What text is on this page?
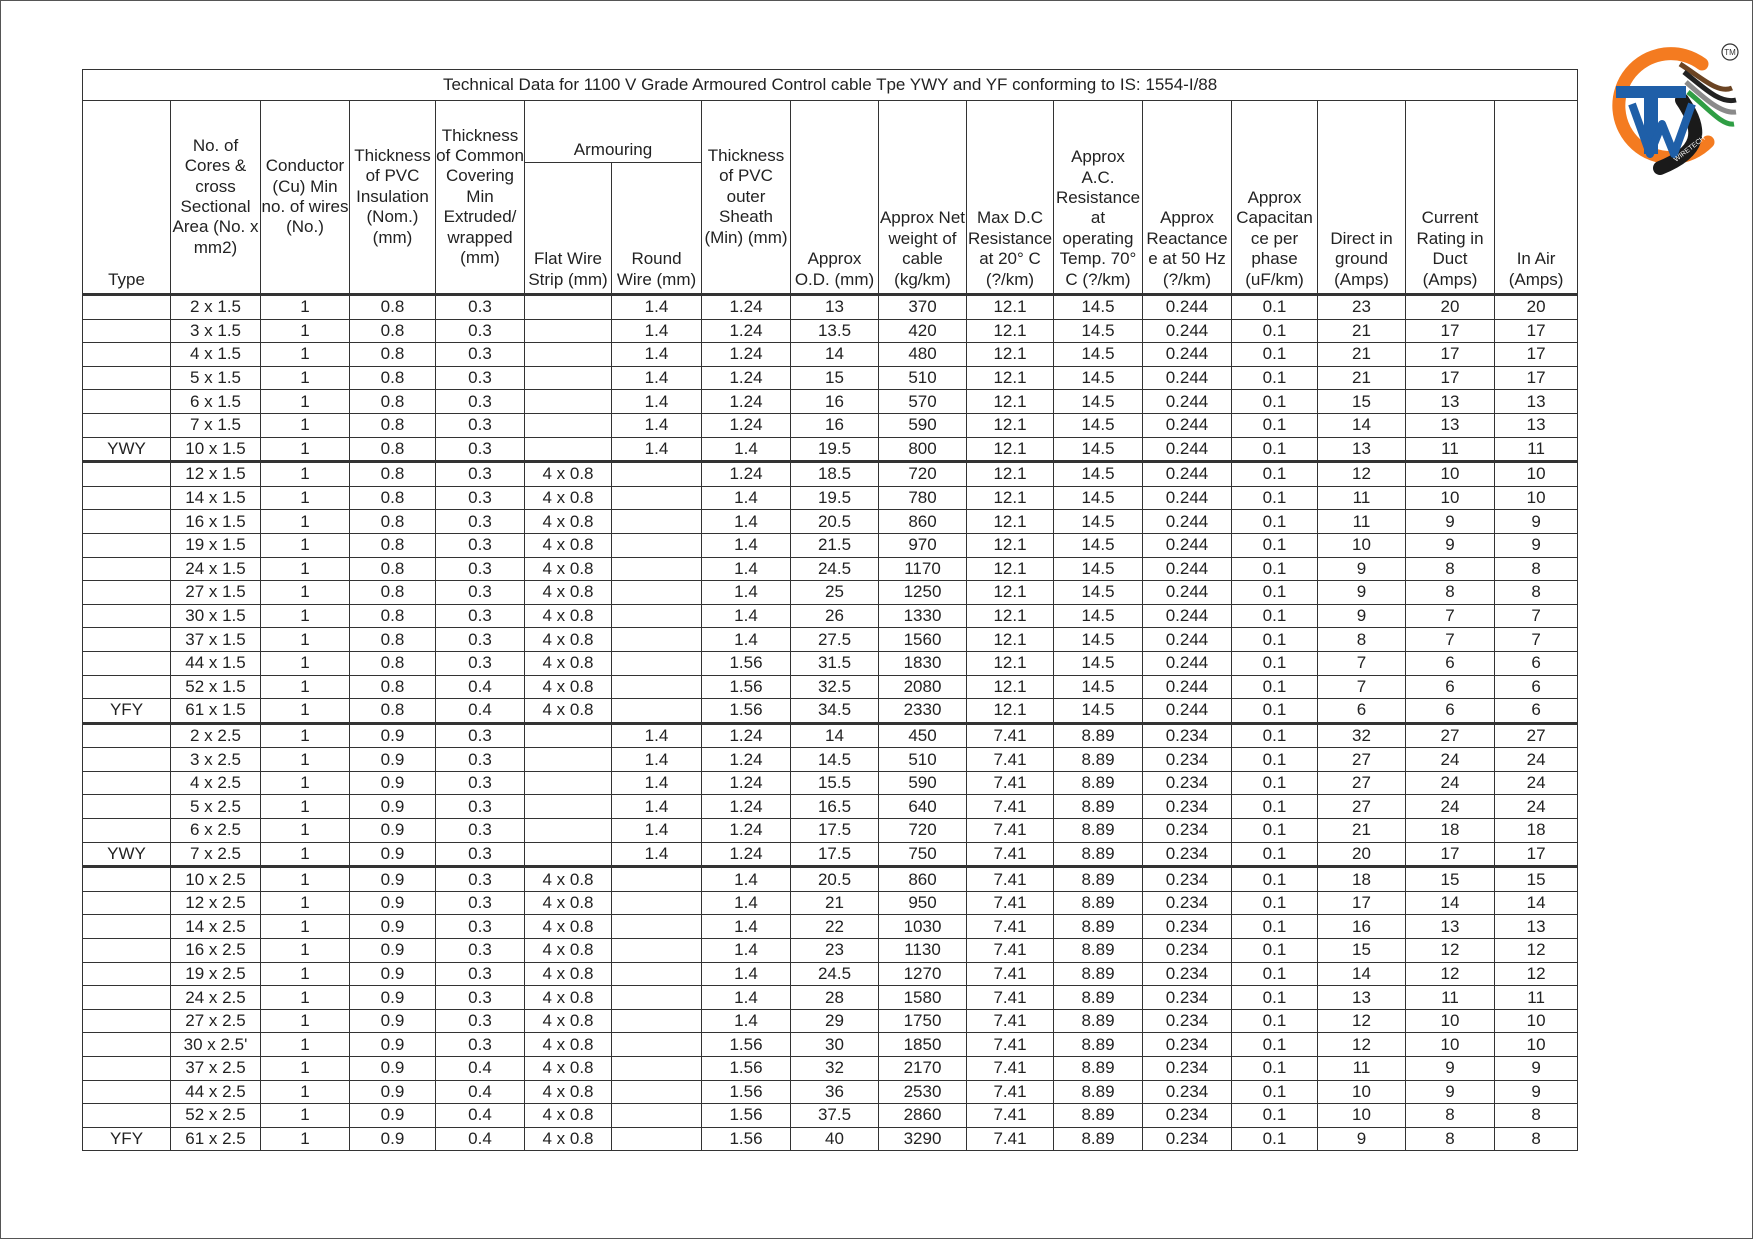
TM
WIRETECH
Technical Data for 1100 V Grade Armoured Control cable Tpe YWY and YF conforming to IS: 1554-I/88																
Type	No. of Cores & cross Sectional Area (No. x mm2)	Conductor (Cu) Min no. of wires (No.)	Thickness of PVC Insulation (Nom.) (mm)	Thickness of Common Covering Min Extruded/ wrapped (mm)	Armouring		Thickness of PVC outer Sheath (Min) (mm)	Approx O.D. (mm)	Approx Net weight of cable (kg/km)	Max D.C Resistance at 20° C (?/km)	Approx A.C. Resistance at operating Temp. 70° C (?/km)	Approx Reactance e at 50 Hz (?/km)	Approx Capacitan ce per phase (uF/km)	Direct in ground (Amps)	Current Rating in Duct (Amps)	In Air (Amps)
					Flat Wire Strip (mm)	Round Wire (mm)										
	2 x 1.5	1	0.8	0.3		1.4	1.24	13	370	12.1	14.5	0.244	0.1	23	20	20
	3 x 1.5	1	0.8	0.3		1.4	1.24	13.5	420	12.1	14.5	0.244	0.1	21	17	17
	4 x 1.5	1	0.8	0.3		1.4	1.24	14	480	12.1	14.5	0.244	0.1	21	17	17
	5 x 1.5	1	0.8	0.3		1.4	1.24	15	510	12.1	14.5	0.244	0.1	21	17	17
	6 x 1.5	1	0.8	0.3		1.4	1.24	16	570	12.1	14.5	0.244	0.1	15	13	13
	7 x 1.5	1	0.8	0.3		1.4	1.24	16	590	12.1	14.5	0.244	0.1	14	13	13
YWY	10 x 1.5	1	0.8	0.3		1.4	1.4	19.5	800	12.1	14.5	0.244	0.1	13	11	11
	12 x 1.5	1	0.8	0.3	4 x 0.8		1.24	18.5	720	12.1	14.5	0.244	0.1	12	10	10
	14 x 1.5	1	0.8	0.3	4 x 0.8		1.4	19.5	780	12.1	14.5	0.244	0.1	11	10	10
	16 x 1.5	1	0.8	0.3	4 x 0.8		1.4	20.5	860	12.1	14.5	0.244	0.1	11	9	9
	19 x 1.5	1	0.8	0.3	4 x 0.8		1.4	21.5	970	12.1	14.5	0.244	0.1	10	9	9
	24 x 1.5	1	0.8	0.3	4 x 0.8		1.4	24.5	1170	12.1	14.5	0.244	0.1	9	8	8
	27 x 1.5	1	0.8	0.3	4 x 0.8		1.4	25	1250	12.1	14.5	0.244	0.1	9	8	8
	30 x 1.5	1	0.8	0.3	4 x 0.8		1.4	26	1330	12.1	14.5	0.244	0.1	9	7	7
	37 x 1.5	1	0.8	0.3	4 x 0.8		1.4	27.5	1560	12.1	14.5	0.244	0.1	8	7	7
	44 x 1.5	1	0.8	0.3	4 x 0.8		1.56	31.5	1830	12.1	14.5	0.244	0.1	7	6	6
	52 x 1.5	1	0.8	0.4	4 x 0.8		1.56	32.5	2080	12.1	14.5	0.244	0.1	7	6	6
YFY	61 x 1.5	1	0.8	0.4	4 x 0.8		1.56	34.5	2330	12.1	14.5	0.244	0.1	6	6	6
	2 x 2.5	1	0.9	0.3		1.4	1.24	14	450	7.41	8.89	0.234	0.1	32	27	27
	3 x 2.5	1	0.9	0.3		1.4	1.24	14.5	510	7.41	8.89	0.234	0.1	27	24	24
	4 x 2.5	1	0.9	0.3		1.4	1.24	15.5	590	7.41	8.89	0.234	0.1	27	24	24
	5 x 2.5	1	0.9	0.3		1.4	1.24	16.5	640	7.41	8.89	0.234	0.1	27	24	24
	6 x 2.5	1	0.9	0.3		1.4	1.24	17.5	720	7.41	8.89	0.234	0.1	21	18	18
YWY	7 x 2.5	1	0.9	0.3		1.4	1.24	17.5	750	7.41	8.89	0.234	0.1	20	17	17
	10 x 2.5	1	0.9	0.3	4 x 0.8		1.4	20.5	860	7.41	8.89	0.234	0.1	18	15	15
	12 x 2.5	1	0.9	0.3	4 x 0.8		1.4	21	950	7.41	8.89	0.234	0.1	17	14	14
	14 x 2.5	1	0.9	0.3	4 x 0.8		1.4	22	1030	7.41	8.89	0.234	0.1	16	13	13
	16 x 2.5	1	0.9	0.3	4 x 0.8		1.4	23	1130	7.41	8.89	0.234	0.1	15	12	12
	19 x 2.5	1	0.9	0.3	4 x 0.8		1.4	24.5	1270	7.41	8.89	0.234	0.1	14	12	12
	24 x 2.5	1	0.9	0.3	4 x 0.8		1.4	28	1580	7.41	8.89	0.234	0.1	13	11	11
	27 x 2.5	1	0.9	0.3	4 x 0.8		1.4	29	1750	7.41	8.89	0.234	0.1	12	10	10
	30 x 2.5'	1	0.9	0.3	4 x 0.8		1.56	30	1850	7.41	8.89	0.234	0.1	12	10	10
	37 x 2.5	1	0.9	0.4	4 x 0.8		1.56	32	2170	7.41	8.89	0.234	0.1	11	9	9
	44 x 2.5	1	0.9	0.4	4 x 0.8		1.56	36	2530	7.41	8.89	0.234	0.1	10	9	9
	52 x 2.5	1	0.9	0.4	4 x 0.8		1.56	37.5	2860	7.41	8.89	0.234	0.1	10	8	8
YFY	61 x 2.5	1	0.9	0.4	4 x 0.8		1.56	40	3290	7.41	8.89	0.234	0.1	9	8	8
